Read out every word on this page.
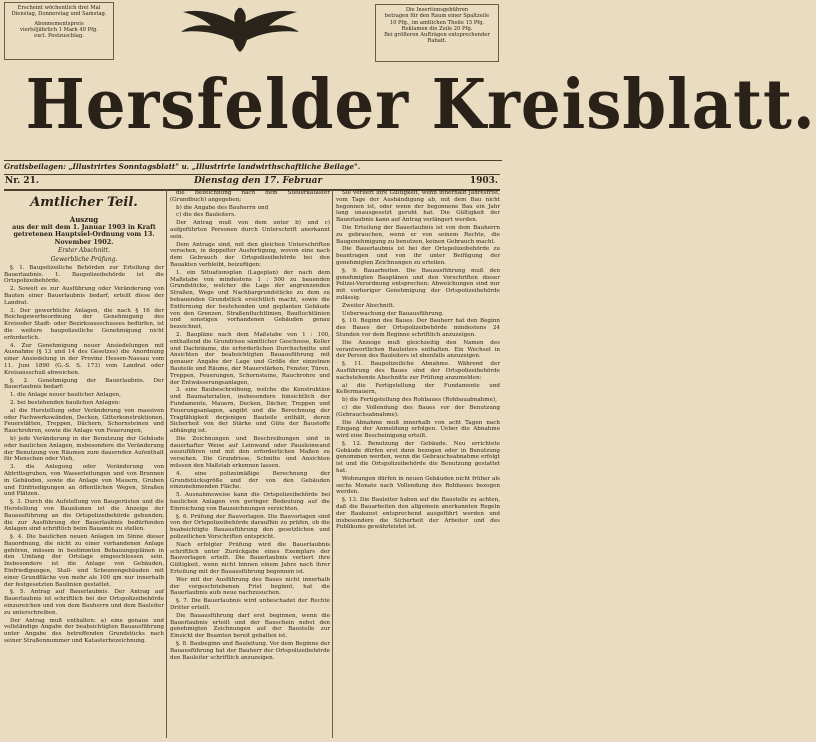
Erscheint wöchentlich drei Mal

Dienstag, Donnerstag und Samstag.

Abonnementspreis

vierteljährlich 1 Mark 40 Pfg.

excl. Postzuschlag.

Die Insertionsgebühren

betragen für den Raum einer Spaltzeile

10 Pfg., im amtlichen Theile 15 Pfg.

Reklamen die Zeile 20 Pfg.

Bei größeren Aufträgen entsprechender

Rabatt.

Hersfelder Kreisblatt.
Gratisbeilagen: „Illustrirtes Sonntagsblatt" u. „Illustrirte landwirthschaftliche Beilage".
Nr. 21.	Dienstag den 17. Februar	1903.
Amtlicher Teil.
Auszug
aus der mit dem 1. Januar 1903 in Kraft getretenen Hauptsiel-Ordnung vom 13. November 1902.
Erster Abschnitt.
Gewerbliche Prüfung.

§. 1. Baupolizeiliche Behörden zur Erteilung der Bauerlaubnis. 1. Baupolizeibehörde ist die Ortspolizeibehörde.

2. Soweit es zur Ausführung oder Veränderung von Bauten einer Bauerlaubnis bedarf, erteilt diese der Landrat.

3. Der gewerbliche Anlagen, die nach § 16 der Reichsgewerbeordnung der Genehmigung des Kreisoder Stadt- oder Bezirksausschusses bedürfen, ist die weitere baupolizeiliche Genehmigung nicht erforderlich.

4. Zur Genehmigung neuer Ansiedelungen mit Ausnahme (§ 13 und 14 des Gesetzes) die Anordnung einer Ansiedelung in der Provinz Hessen-Nassau vom 11. Juni 1890 (G.-S. S. 173) vom Landrat oder Kreisausschuß abweichen.

§. 2. Genehmigung der Bauerlaubnis. Der Bauerlaubnis bedarf:

1. die Anlage neuer baulicher Anlagen,

2. bei bestehenden baulichen Anlagen:

a) die Herstellung oder Veränderung von massiven oder Fachwerkswänden, Decken, Gitterkonstruktionen, Feuerstätten, Treppen, Dächern, Schornsteinen und Rauchrohren, sowie die Anlage von Feuerungen,

b) jede Veränderung in der Benutzung der Gebäude oder baulichen Anlagen, insbesondere die Veränderung der Benutzung von Räumen zum dauernden Aufenthalt für Menschen oder Vieh,

3. die Anlegung oder Veränderung von Abtrittsgruben, von Wasserleitungen und von Brunnen in Gebäuden, sowie die Anlage von Mauern, Gruben und Einfriedigungen an öffentlichen Wegen, Straßen und Plätzen.

§. 3. Durch die Aufstellung von Baugerüsten und die Herstellung von Bauzäunen ist die Anzeige der Bauausführung an die Ortspolizeibehörde gebunden; die zur Ausführung der Bauerlaubnis bedürfenden Anlagen sind schriftlich beim Bauamte zu stellen.

§. 4. Die baulichen neuen Anlagen im Sinne dieser Bauordnung, die nicht zu einer vorhandenen Anlage gehören, müssen in bestimmten Bebauungsplänen in den Umfang der Ortslage eingeschlossen sein. Insbesondere ist die Anlage von Gebäuden, Einfriedigungen, Stall- und Scheunengebäuden mit einer Grundfläche von mehr als 100 qm nur innerhalb der festgesetzten Baulinien gestattet.

§. 5. Antrag auf Bauerlaubnis. Der Antrag auf Bauerlaubnis ist schriftlich bei der Ortspolizeibehörde einzureichen und von dem Bauherrn und dem Bauleiter zu unterschreiben.

Der Antrag muß enthalten: a) eine genaue und vollständige Angabe der beabsichtigten Bauausführung unter Angabe des betreffenden Grundstücks nach seiner Straßennummer und Katasterbezeichnung.

die Bezeichnung nach dem Steuerkataster (Grundbuch) angegeben;

b) die Angabe des Bauherrn und

c) die des Bauleiters.

Der Antrag muß von dem unter b) und c) aufgeführten Personen durch Unterschrift anerkannt sein.

Dem Antrage sind, mit den gleichen Unterschriften versehen, in doppelter Ausfertigung, wovon eine nach dem Gebrauch der Ortspolizeibehörde bei den Bauakten verbleibt, beizufügen:

1. ein Situationsplan (Lageplan) der nach dem Maßstabe von mindestens 1 : 500 zu bauenden Grundstücke, welcher die Lage der angrenzenden Straßen, Wege und Nachbargrundstücke zu dem zu bebauenden Grundstück ersichtlich macht, sowie die Entfernung der bestehenden und geplanten Gebäude von den Grenzen, Straßenfluchtlinien, Baufluchtlinien und sonstigen vorhandenen Gebäuden genau bezeichnet,

2. Baupläne nach dem Maßstabe von 1 : 100, enthaltend die Grundrisse sämtlicher Geschosse, Keller und Dachräume, die erforderlichen Durchschnitte und Ansichten der beabsichtigten Bauausführung mit genauer Angabe der Lage und Größe der einzelnen Bauteile und Räume, der Mauerstärken, Fenster, Türen, Treppen, Feuerungen, Schornsteine, Rauchrohre und der Entwässerungsanlagen,

3. eine Baubeschreibung, welche die Konstruktion und Baumaterialien, insbesondere hinsichtlich der Fundamente, Mauern, Decken, Dächer, Treppen und Feuerungsanlagen, angibt und die Berechnung der Tragfähigkeit derjenigen Bauteile enthält, deren Sicherheit von der Stärke und Güte der Baustoffe abhängig ist.

Die Zeichnungen und Beschreibungen sind in dauerhafter Weise auf Leinwand oder Pausleinwand auszuführen und mit den erforderlichen Maßen zu versehen. Die Grundrisse, Schnitte und Ansichten müssen den Maßstab erkennen lassen.

4. eine polizeimäßige Berechnung der Grundstücksgröße und der von den Gebäuden einzunehmenden Fläche.

5. Ausnahmsweise kann die Ortspolizeibehörde bei baulichen Anlagen von geringer Bedeutung auf die Einreichung von Bauzeichnungen verzichten.

§. 6. Prüfung der Bauvorlagen. Die Bauvorlagen sind von der Ortspolizeibehörde daraufhin zu prüfen, ob die beabsichtigte Bauausführung den gesetzlichen und polizeilichen Vorschriften entspricht.

Nach erfolgter Prüfung wird die Bauerlaubnis schriftlich unter Zurückgabe eines Exemplars der Bauvorlagen erteilt. Die Bauerlaubnis verliert ihre Gültigkeit, wenn nicht binnen einem Jahre nach ihrer Erteilung mit der Bauausführung begonnen ist.

Wer mit der Ausführung des Baues nicht innerhalb der vorgeschriebenen Frist beginnt, hat die Bauerlaubnis aufs neue nachzusuchen.

§. 7. Die Bauerlaubnis wird unbeschadet der Rechte Dritter erteilt.

Die Bauausführung darf erst beginnen, wenn die Bauerlaubnis erteilt und der Bauschein nebst den genehmigten Zeichnungen auf der Baustelle zur Einsicht der Beamten bereit gehalten ist.

§. 8. Baubeginn und Bauleitung. Vor dem Beginne der Bauausführung hat der Bauherr der Ortspolizeibehörde den Bauleiter schriftlich anzuzeigen.

Sie verliert ihre Gültigkeit, wenn innerhalb Jahresfrist, vom Tage der Aushändigung ab, mit dem Bau nicht begonnen ist, oder wenn der begonnene Bau ein Jahr lang unausgesetzt geruht hat. Die Gültigkeit der Bauerlaubnis kann auf Antrag verlängert werden.

Die Erteilung der Bauerlaubnis ist von dem Bauherrn zu gebrauchen, wenn er von seinem Rechte, die Baugenehmigung zu benutzen, keinen Gebrauch macht.

Die Bauerlaubnis ist bei der Ortspolizeibehörde zu beantragen und von ihr unter Beifügung der genehmigten Zeichnungen zu erteilen.

§. 9. Bauarbeiten. Die Bauausführung muß den genehmigten Bauplänen und den Vorschriften dieser Polizei-Verordnung entsprechen; Abweichungen sind nur mit vorheriger Genehmigung der Ortspolizeibehörde zulässig.

Zweiter Abschnitt.

Ueberwachung der Bauausführung.

§. 10. Beginn des Baues. Der Bauherr hat den Beginn des Baues der Ortspolizeibehörde mindestens 24 Stunden vor dem Beginne schriftlich anzuzeigen.

Die Anzeige muß gleichzeitig den Namen des verantwortlichen Bauleiters enthalten. Ein Wechsel in der Person des Bauleiters ist ebenfalls anzuzeigen.

§. 11. Baupolizeiliche Abnahme. Während der Ausführung des Baues sind der Ortspolizeibehörde nachstehende Abschnitte zur Prüfung anzumelden:

a) die Fertigstellung der Fundamente und Kellermauern,

b) die Fertigstellung des Rohbaues (Rohbauabnahme),

c) die Vollendung des Baues vor der Benutzung (Gebrauchsabnahme).

Die Abnahme muß innerhalb von acht Tagen nach Eingang der Anmeldung erfolgen. Ueber die Abnahme wird eine Bescheinigung erteilt.

§. 12. Benutzung der Gebäude. Neu errichtete Gebäude dürfen erst dann bezogen oder in Benutzung genommen werden, wenn die Gebrauchsabnahme erfolgt ist und die Ortspolizeibehörde die Benutzung gestattet hat.

Wohnungen dürfen in neuen Gebäuden nicht früher als sechs Monate nach Vollendung des Rohbaues bezogen werden.

§. 13. Die Bauleiter haben auf die Baustelle zu achten, daß die Bauarbeiten den allgemein anerkannten Regeln der Baukunst entsprechend ausgeführt werden und insbesondere die Sicherheit der Arbeiter und des Publikums gewährleistet ist.
